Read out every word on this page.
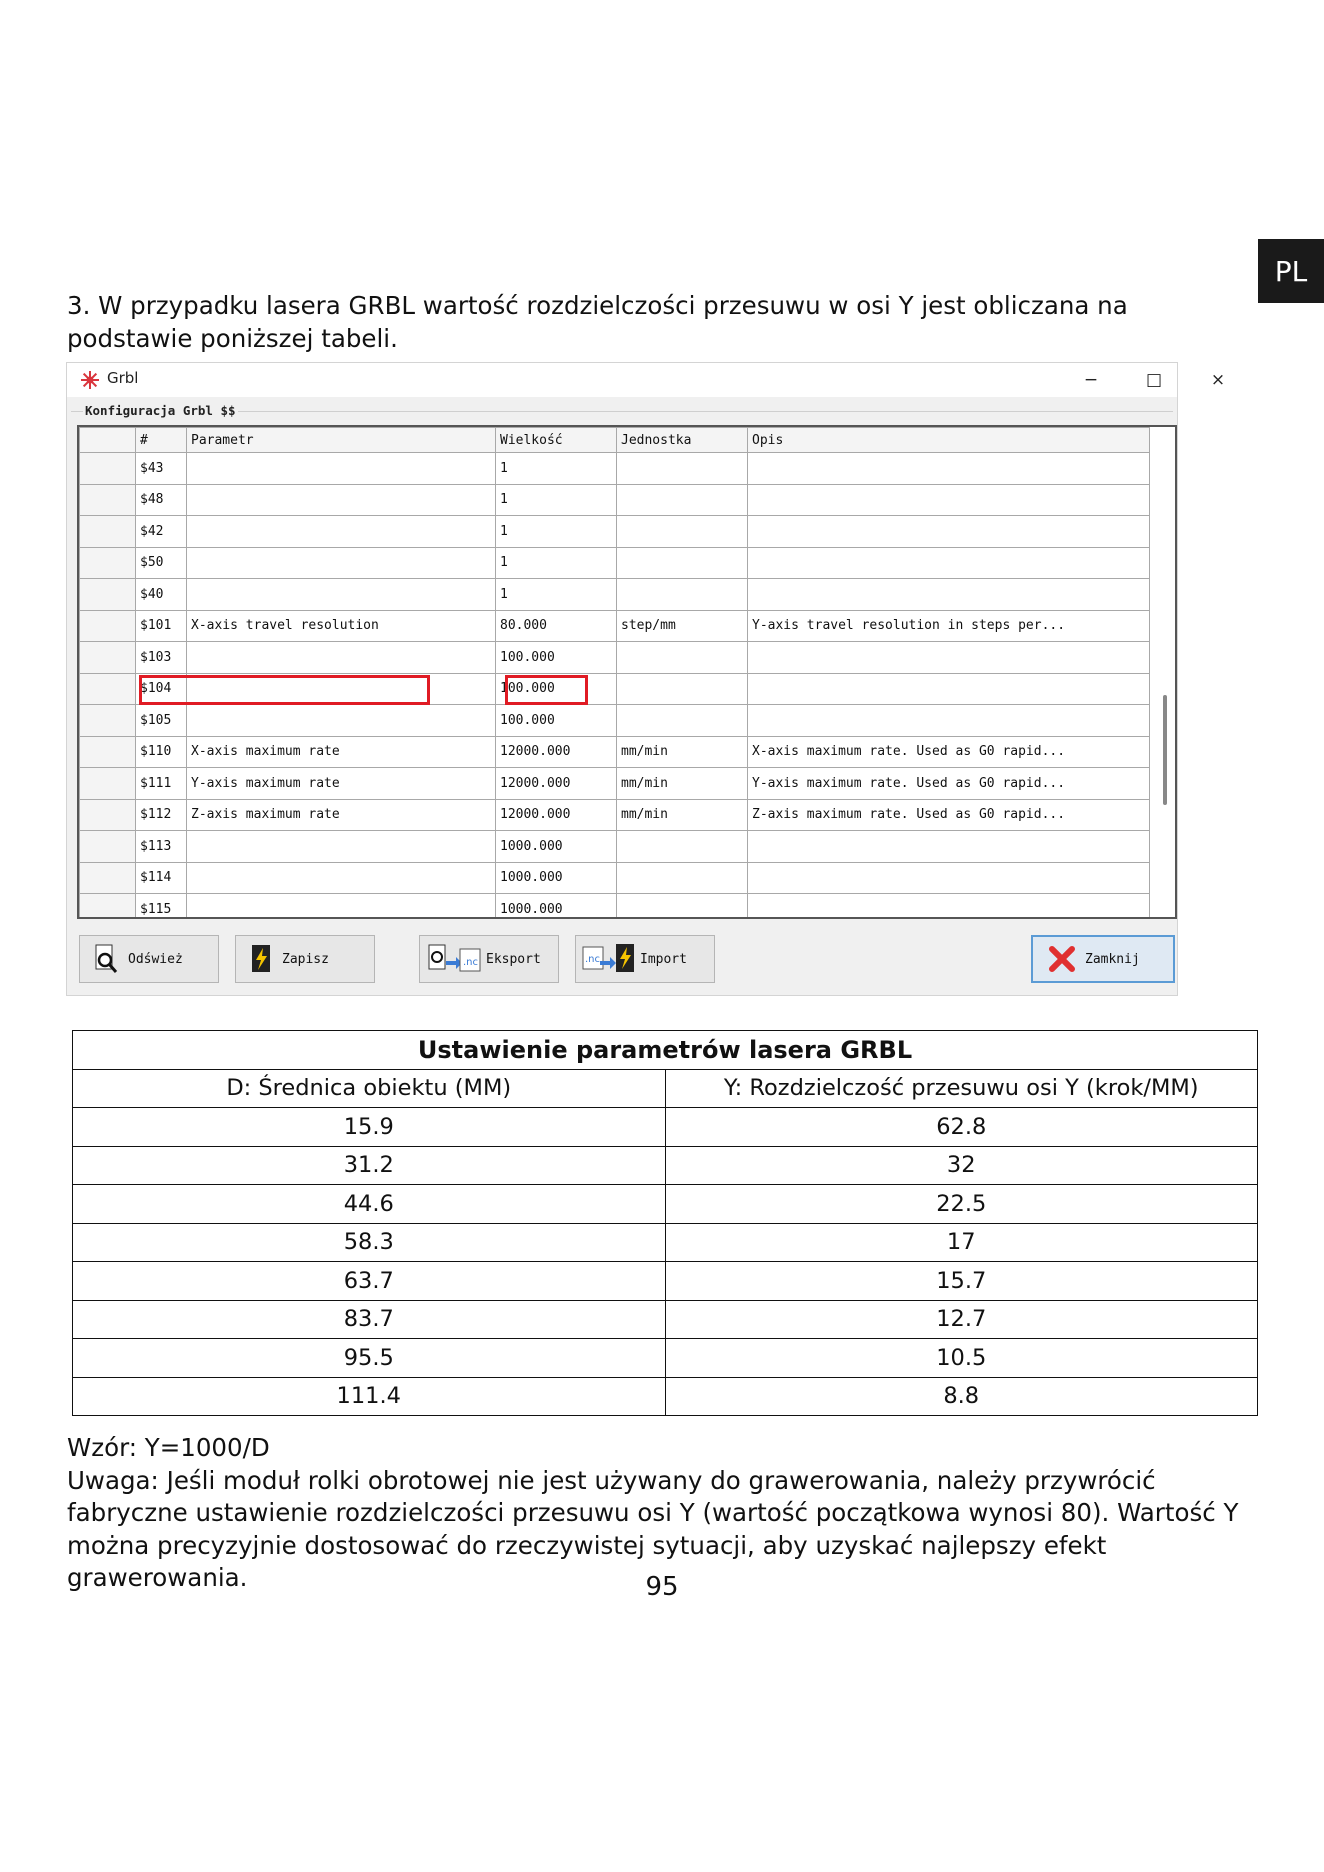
PL
3. W przypadku lasera GRBL wartość rozdzielczości przesuwu w osi Y jest obliczana na podstawie poniższej tabeli.
Grbl	−	□	×
Konfiguracja Grbl $$
	#	Parametr	Wielkość	Jednostka	Opis
	$43		1		
	$48		1		
	$42		1		
	$50		1		
	$40		1		
	$101	X-axis travel resolution	80.000	step/mm	Y-axis travel resolution in steps per...
	$103		100.000		
	$104		100.000		
	$105		100.000		
	$110	X-axis maximum rate	12000.000	mm/min	X-axis maximum rate. Used as G0 rapid...
	$111	Y-axis maximum rate	12000.000	mm/min	Y-axis maximum rate. Used as G0 rapid...
	$112	Z-axis maximum rate	12000.000	mm/min	Z-axis maximum rate. Used as G0 rapid...
	$113		1000.000		
	$114		1000.000		
	$115		1000.000		
Odśwież	Zapisz	.nc Eksport	.nc	Import	Zamknij
Ustawienie parametrów lasera GRBL	
D: Średnica obiektu (MM)	Y: Rozdzielczość przesuwu osi Y (krok/MM)
15.9	62.8
31.2	32
44.6	22.5
58.3	17
63.7	15.7
83.7	12.7
95.5	10.5
111.4	8.8
Wzór: Y=1000/D
Uwaga: Jeśli moduł rolki obrotowej nie jest używany do grawerowania, należy przywrócić fabryczne ustawienie rozdzielczości przesuwu osi Y (wartość początkowa wynosi 80). Wartość Y można precyzyjnie dostosować do rzeczywistej sytuacji, aby uzyskać najlepszy efekt grawerowania.	95
